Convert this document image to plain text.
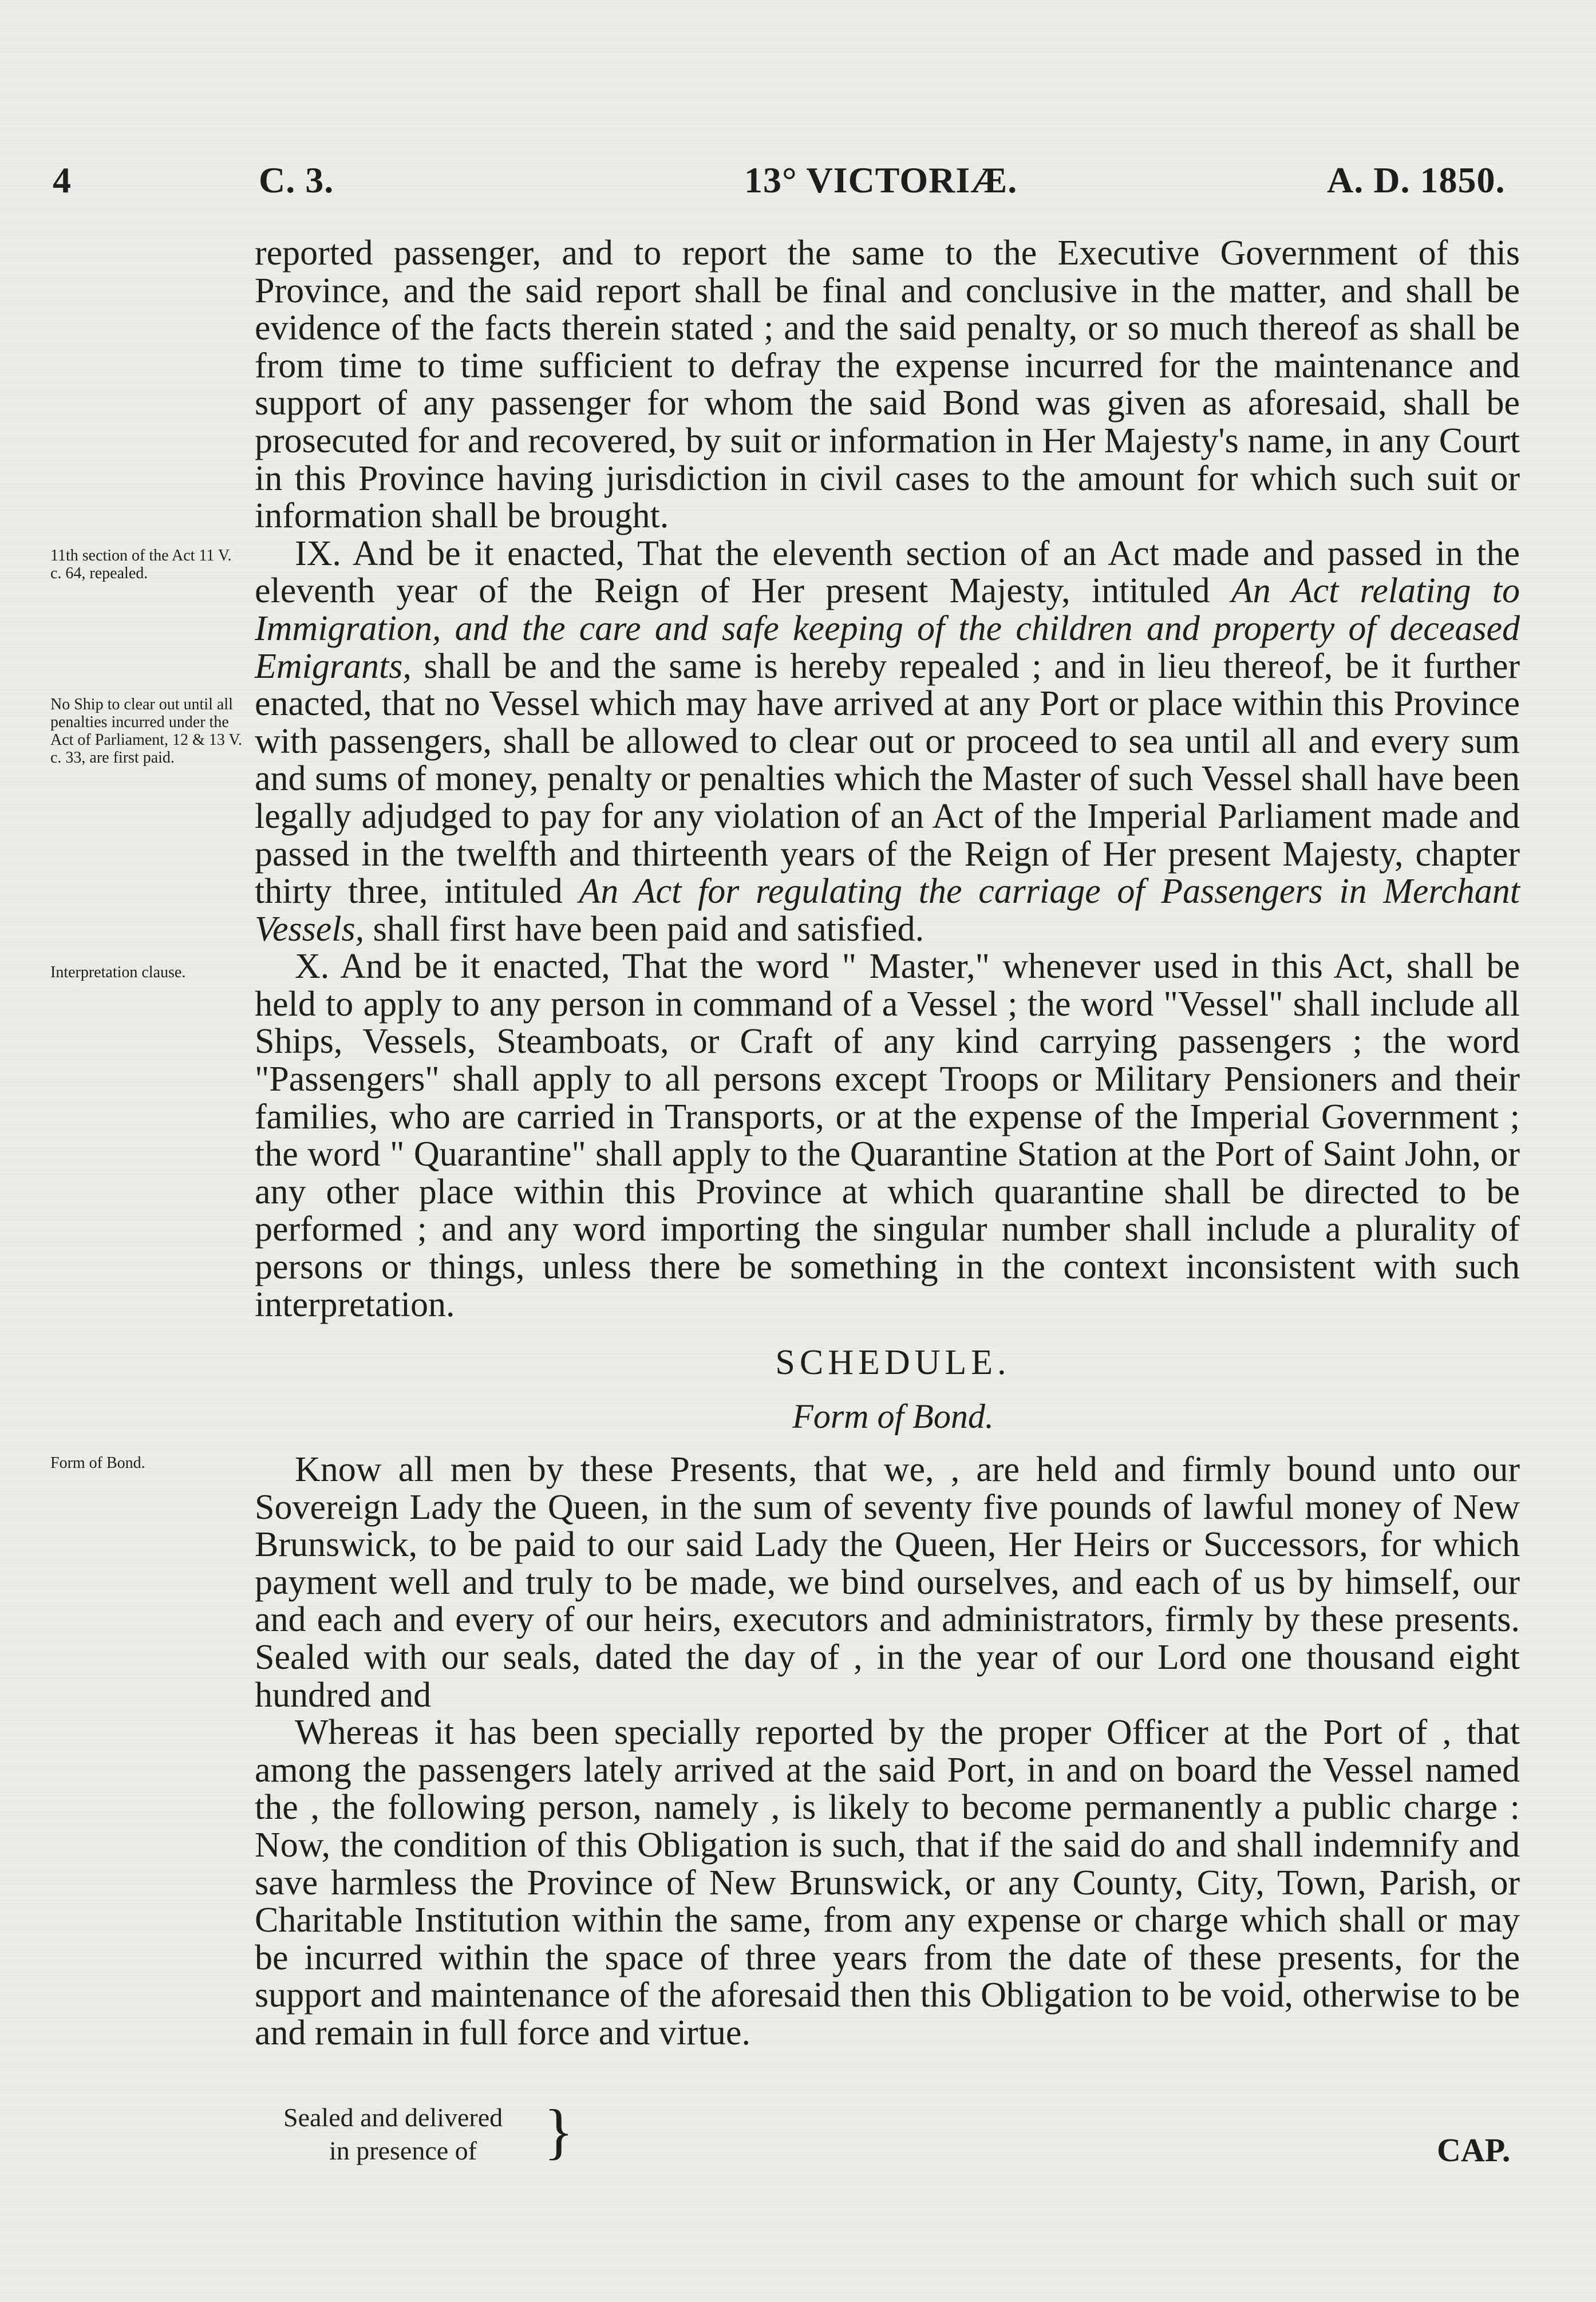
4	C. 3.	13° VICTORIÆ.	A. D. 1850.
11th section of the Act 11 V. c. 64, repealed.
No Ship to clear out until all penalties incurred under the Act of Parliament, 12 & 13 V. c. 33, are first paid.
Interpretation clause.
Form of Bond.

reported passenger, and to report the same to the Executive Government of this Province, and the said report shall be final and conclusive in the matter, and shall be evidence of the facts therein stated ; and the said penalty, or so much thereof as shall be from time to time sufficient to defray the expense incurred for the maintenance and support of any passenger for whom the said Bond was given as aforesaid, shall be prosecuted for and recovered, by suit or information in Her Majesty's name, in any Court in this Province having jurisdiction in civil cases to the amount for which such suit or information shall be brought.

IX. And be it enacted, That the eleventh section of an Act made and passed in the eleventh year of the Reign of Her present Majesty, intituled An Act relating to Immigration, and the care and safe keeping of the children and property of deceased Emigrants, shall be and the same is hereby repealed ; and in lieu thereof, be it further enacted, that no Vessel which may have arrived at any Port or place within this Province with passengers, shall be allowed to clear out or proceed to sea until all and every sum and sums of money, penalty or penalties which the Master of such Vessel shall have been legally adjudged to pay for any violation of an Act of the Imperial Parliament made and passed in the twelfth and thirteenth years of the Reign of Her present Majesty, chapter thirty three, intituled An Act for regulating the carriage of Passengers in Merchant Vessels, shall first have been paid and satisfied.

X. And be it enacted, That the word " Master," whenever used in this Act, shall be held to apply to any person in command of a Vessel ; the word "Vessel" shall include all Ships, Vessels, Steamboats, or Craft of any kind carrying passengers ; the word "Passengers" shall apply to all persons except Troops or Military Pensioners and their families, who are carried in Transports, or at the expense of the Imperial Government ; the word " Quarantine" shall apply to the Quarantine Station at the Port of Saint John, or any other place within this Province at which quarantine shall be directed to be performed ; and any word importing the singular number shall include a plurality of persons or things, unless there be something in the context inconsistent with such interpretation.

SCHEDULE.
Form of Bond.

Know all men by these Presents, that we, , are held and firmly bound unto our Sovereign Lady the Queen, in the sum of seventy five pounds of lawful money of New Brunswick, to be paid to our said Lady the Queen, Her Heirs or Successors, for which payment well and truly to be made, we bind ourselves, and each of us by himself, our and each and every of our heirs, executors and administrators, firmly by these presents. Sealed with our seals, dated the day of , in the year of our Lord one thousand eight hundred and

Whereas it has been specially reported by the proper Officer at the Port of , that among the passengers lately arrived at the said Port, in and on board the Vessel named the , the following person, namely , is likely to become permanently a public charge : Now, the condition of this Obligation is such, that if the said do and shall indemnify and save harmless the Province of New Brunswick, or any County, City, Town, Parish, or Charitable Institution within the same, from any expense or charge which shall or may be incurred within the space of three years from the date of these presents, for the support and maintenance of the aforesaid then this Obligation to be void, otherwise to be and remain in full force and virtue.

Sealed and delivered
in presence of	}	CAP.
